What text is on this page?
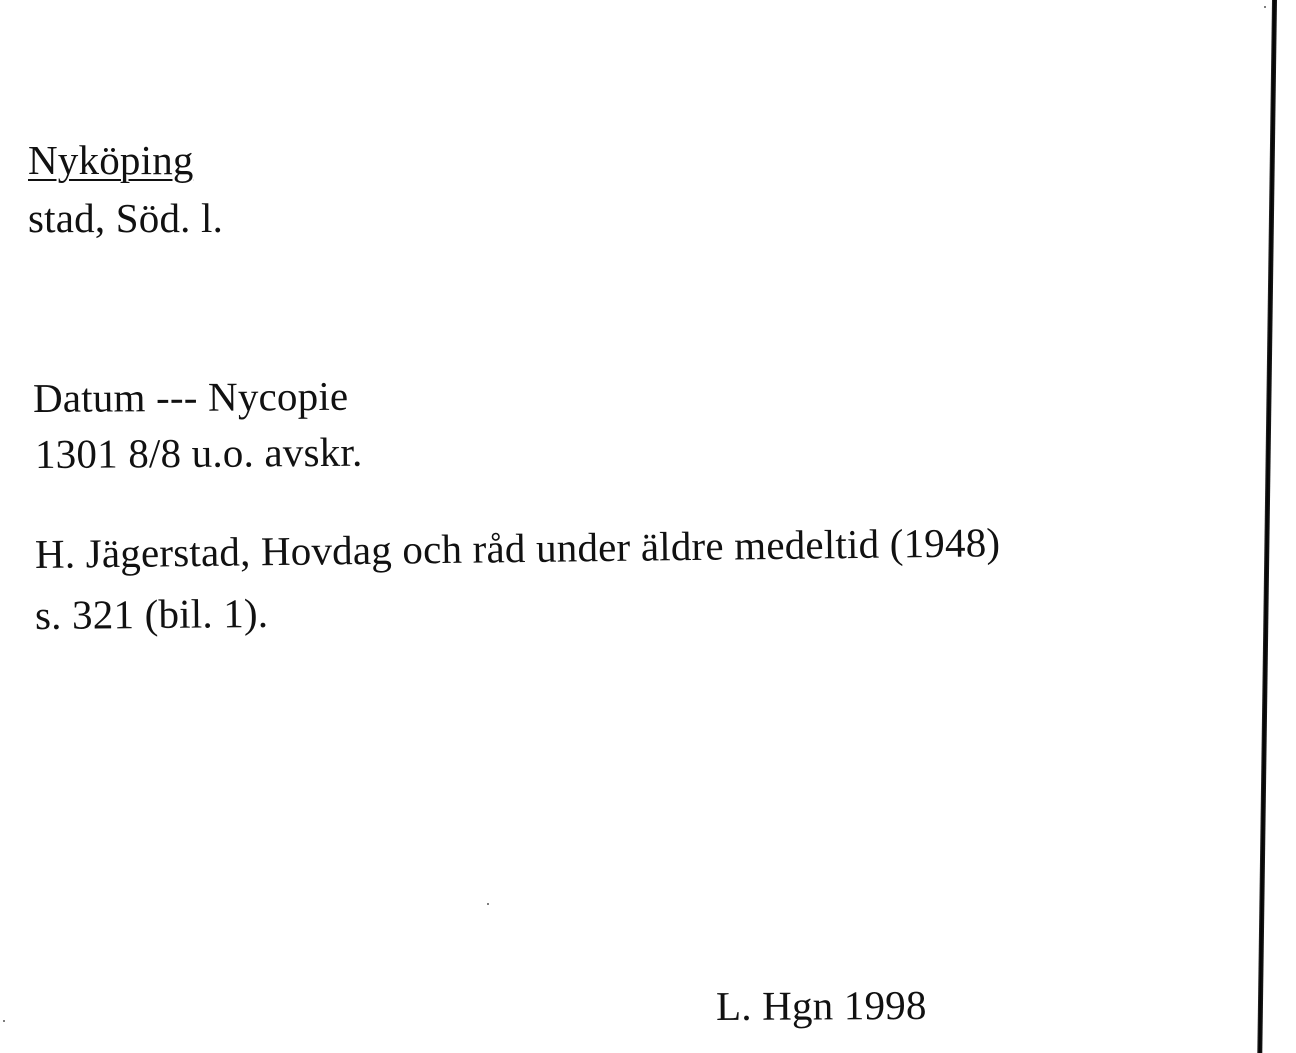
Nyköping
stad, Söd. l.
Datum --- Nycopie
1301 8/8 u.o. avskr.
H. Jägerstad, Hovdag och råd under äldre medeltid (1948)
s. 321 (bil. 1).
L. Hgn 1998
